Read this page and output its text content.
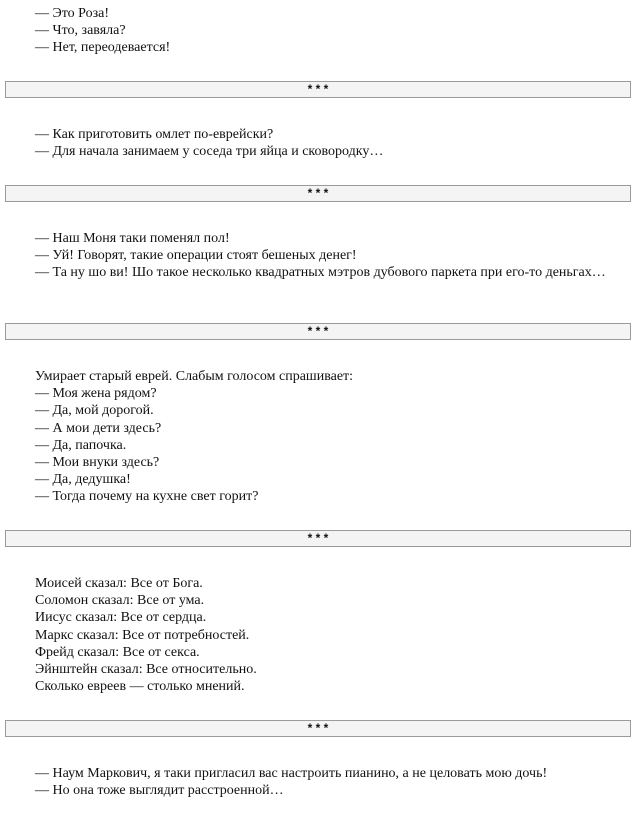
— Это Роза!

— Что, завяла?

— Нет, переодевается!

* * *

— Как приготовить омлет по-еврейски?

— Для начала занимаем у соседа три яйца и сковородку…

* * *

— Наш Моня таки поменял пол!

— Уй! Говорят, такие операции стоят бешеных денег!

— Та ну шо ви! Шо такое несколько квадратных мэтров дубового паркета при его-то деньгах…

* * *

Умирает старый еврей. Слабым голосом спрашивает:

— Моя жена рядом?

— Да, мой дорогой.

— А мои дети здесь?

— Да, папочка.

— Мои внуки здесь?

— Да, дедушка!

— Тогда почему на кухне свет горит?

* * *

Моисей сказал: Все от Бога.

Соломон сказал: Все от ума.

Иисус сказал: Все от сердца.

Маркс сказал: Все от потребностей.

Фрейд сказал: Все от секса.

Эйнштейн сказал: Все относительно.

Сколько евреев — столько мнений.

* * *

— Наум Маркович, я таки пригласил вас настроить пианино, а не целовать мою дочь!

— Но она тоже выглядит расстроенной…
